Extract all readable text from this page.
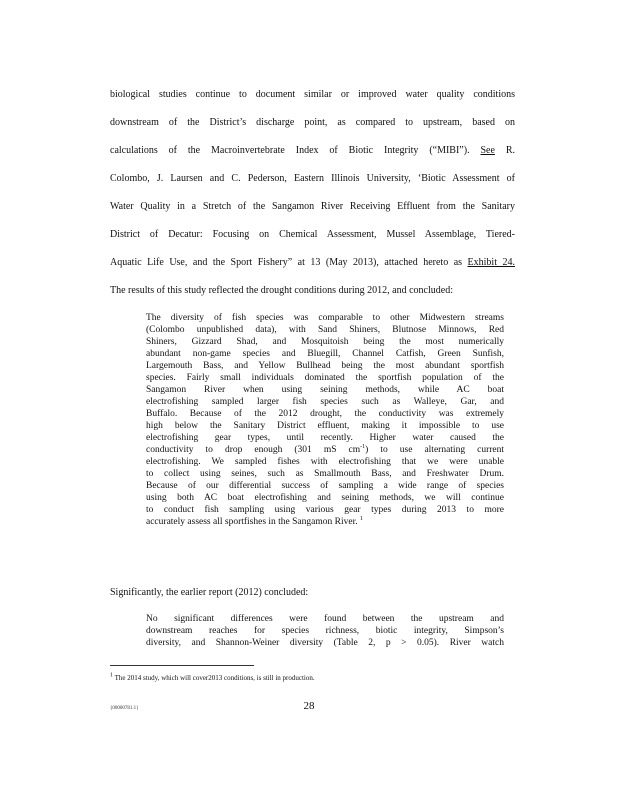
biological studies continue to document similar or improved water quality conditions
downstream of the District’s discharge point, as compared to upstream, based on
calculations of the Macroinvertebrate Index of Biotic Integrity (“MIBI”). See R.
Colombo, J. Laursen and C. Pederson, Eastern Illinois University, ‘Biotic Assessment of
Water Quality in a Stretch of the Sangamon River Receiving Effluent from the Sanitary
District of Decatur: Focusing on Chemical Assessment, Mussel Assemblage, Tiered-
Aquatic Life Use, and the Sport Fishery” at 13 (May 2013), attached hereto as Exhibit 24.
The results of this study reflected the drought conditions during 2012, and concluded:
The diversity of fish species was comparable to other Midwestern streams
(Colombo unpublished data), with Sand Shiners, Blutnose Minnows, Red
Shiners, Gizzard Shad, and Mosquitoish being the most numerically
abundant non-game species and Bluegill, Channel Catfish, Green Sunfish,
Largemouth Bass, and Yellow Bullhead being the most abundant sportfish
species. Fairly small individuals dominated the sportfish population of the
Sangamon River when using seining methods, while AC boat
electrofishing sampled larger fish species such as Walleye, Gar, and
Buffalo. Because of the 2012 drought, the conductivity was extremely
high below the Sanitary District effluent, making it impossible to use
electrofishing gear types, until recently. Higher water caused the
conductivity to drop enough (301 mS $cm^{-1}$) to use alternating current
electrofishing. We sampled fishes with electrofishing that we were unable
to collect using seines, such as Smallmouth Bass, and Freshwater Drum.
Because of our differential success of sampling a wide range of species
using both AC boat electrofishing and seining methods, we will continue
to conduct fish sampling using various gear types during 2013 to more
accurately assess all sportfishes in the Sangamon River. $^1$
Significantly, the earlier report (2012) concluded:
No significant differences were found between the upstream and
downstream reaches for species richness, biotic integrity, Simpson’s
diversity, and Shannon-Weiner diversity (Table 2, p > 0.05). River watch
$^1$ The 2014 study, which will cover2013 conditions, is still in production.
{00000781.1}	28
